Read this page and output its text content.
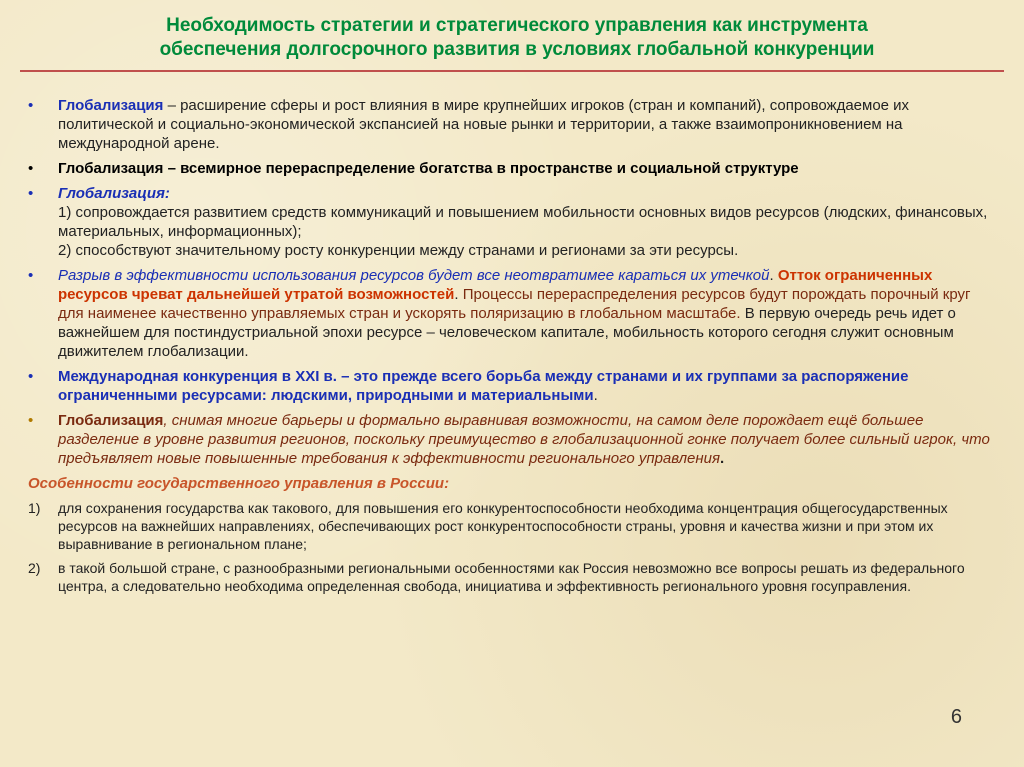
Необходимость стратегии и стратегического управления как инструмента
обеспечения долгосрочного развития в условиях глобальной конкуренции
•	Глобализация – расширение сферы и рост влияния в мире крупнейших игроков (стран и компаний), сопровождаемое их политической и социально-экономической экспансией на новые рынки и территории, а также взаимопроникновением на международной арене.
•	Глобализация – всемирное перераспределение богатства в пространстве и социальной структуре
•	Глобализация:
1) сопровождается развитием средств коммуникаций и повышением мобильности основных видов ресурсов (людских, финансовых, материальных, информационных);
2) способствуют значительному росту конкуренции между странами и регионами за эти ресурсы.
•	Разрыв в эффективности использования ресурсов будет все неотвратимее караться их утечкой. Отток ограниченных ресурсов чреват дальнейшей утратой возможностей. Процессы перераспределения ресурсов будут порождать порочный круг для наименее качественно управляемых стран и ускорять поляризацию в глобальном масштабе. В первую очередь речь идет о важнейшем для постиндустриальной эпохи ресурсе – человеческом капитале, мобильность которого сегодня служит основным движителем глобализации.
•	Международная конкуренция в XXI в. – это прежде всего борьба между странами и их группами за распоряжение ограниченными ресурсами: людскими, природными и материальными.
•	Глобализация, снимая многие барьеры и формально выравнивая возможности, на самом деле порождает ещё большее разделение в уровне развития регионов, поскольку преимущество в глобализационной гонке получает более сильный игрок, что предъявляет новые повышенные требования к эффективности регионального управления.
Особенности государственного управления в России:
1) для сохранения государства как такового, для повышения его конкурентоспособности необходима концентрация общегосударственных ресурсов на важнейших направлениях, обеспечивающих рост конкурентоспособности страны, уровня и качества жизни и при этом их выравнивание в региональном плане;
2) в такой большой стране, с разнообразными региональными особенностями как Россия невозможно все вопросы решать из федерального центра, а следовательно необходима определенная свобода, инициатива и эффективность регионального уровня госуправления.
6
